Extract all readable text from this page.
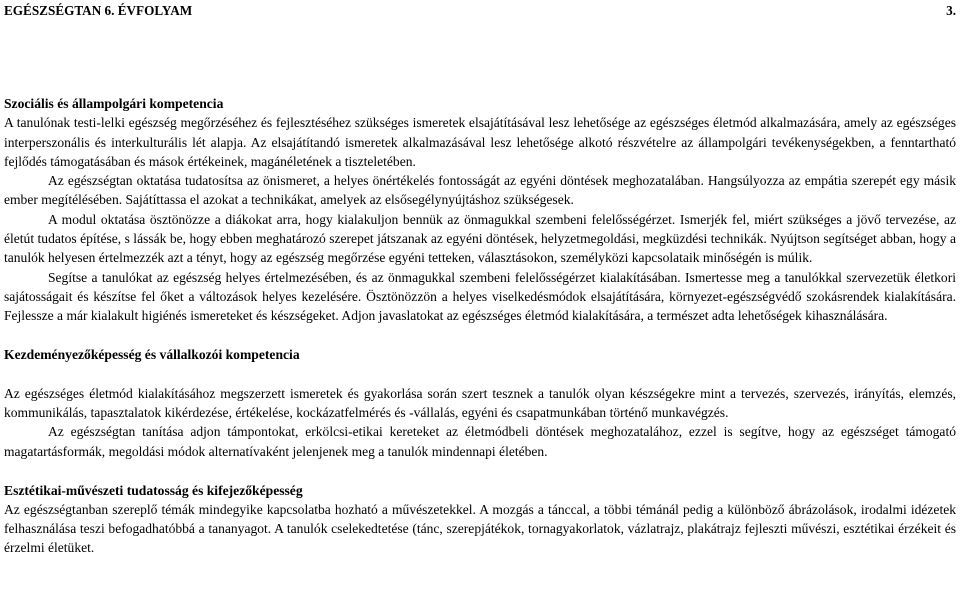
EGÉSZSÉGTAN 6. ÉVFOLYAM	3.
Szociális és állampolgári kompetencia

A tanulónak testi-lelki egészség megőrzéséhez és fejlesztéséhez szükséges ismeretek elsajátításával lesz lehetősége az egészséges életmód alkalmazására, amely az egészséges interperszonális és interkulturális lét alapja. Az elsajátítandó ismeretek alkalmazásával lesz lehetősége alkotó részvételre az állampolgári tevékenységekben, a fenntartható fejlődés támogatásában és mások értékeinek, magánéletének a tiszteletében.

Az egészségtan oktatása tudatosítsa az önismeret, a helyes önértékelés fontosságát az egyéni döntések meghozatalában. Hangsúlyozza az empátia szerepét egy másik ember megítélésében. Sajátíttassa el azokat a technikákat, amelyek az elsősegélynyújtáshoz szükségesek.

A modul oktatása ösztönözze a diákokat arra, hogy kialakuljon bennük az önmagukkal szembeni felelősségérzet. Ismerjék fel, miért szükséges a jövő tervezése, az életút tudatos építése, s lássák be, hogy ebben meghatározó szerepet játszanak az egyéni döntések, helyzetmegoldási, megküzdési technikák. Nyújtson segítséget abban, hogy a tanulók helyesen értelmezzék azt a tényt, hogy az egészség megőrzése egyéni tetteken, választásokon, személyközi kapcsolataik minőségén is múlik.

Segítse a tanulókat az egészség helyes értelmezésében, és az önmagukkal szembeni felelősségérzet kialakításában. Ismertesse meg a tanulókkal szervezetük életkori sajátosságait és készítse fel őket a változások helyes kezelésére. Ösztönözzön a helyes viselkedésmódok elsajátítására, környezet-egészségvédő szokásrendek kialakítására. Fejlessze a már kialakult higiénés ismereteket és készségeket. Adjon javaslatokat az egészséges életmód kialakítására, a természet adta lehetőségek kihasználására.

Kezdeményezőképesség és vállalkozói kompetencia

Az egészséges életmód kialakításához megszerzett ismeretek és gyakorlása során szert tesznek a tanulók olyan készségekre mint a tervezés, szervezés, irányítás, elemzés, kommunikálás, tapasztalatok kikérdezése, értékelése, kockázatfelmérés és -vállalás, egyéni és csapatmunkában történő munkavégzés.

Az egészségtan tanítása adjon támpontokat, erkölcsi-etikai kereteket az életmódbeli döntések meghozatalához, ezzel is segítve, hogy az egészséget támogató magatartásformák, megoldási módok alternatívaként jelenjenek meg a tanulók mindennapi életében.

Esztétikai-művészeti tudatosság és kifejezőképesség

Az egészségtanban szereplő témák mindegyike kapcsolatba hozható a művészetekkel. A mozgás a tánccal, a többi témánál pedig a különböző ábrázolások, irodalmi idézetek felhasználása teszi befogadhatóbbá a tananyagot. A tanulók cselekedtetése (tánc, szerepjátékok, tornagyakorlatok, vázlatrajz, plakátrajz fejleszti művészi, esztétikai érzékeit és érzelmi életüket.
